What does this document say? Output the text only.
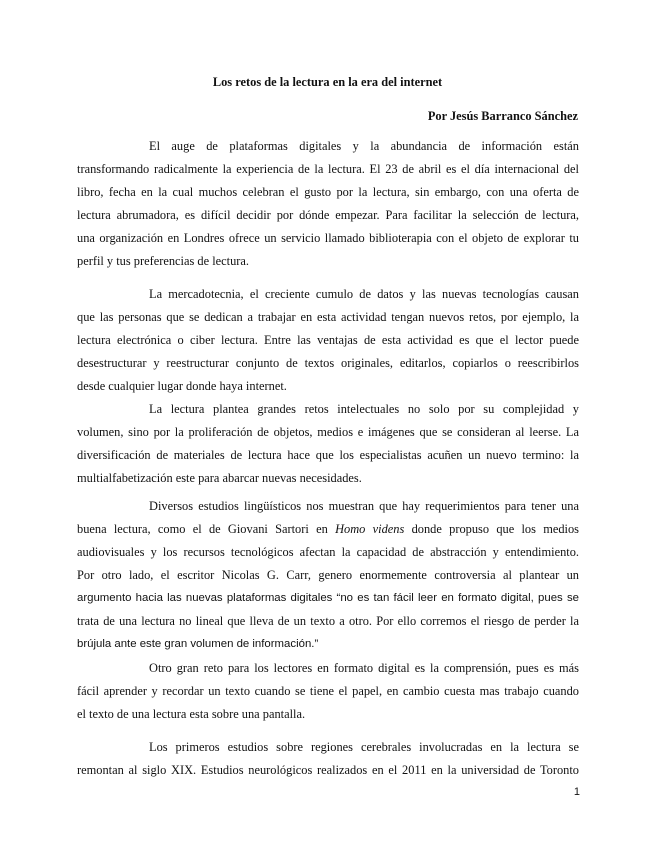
Los retos de la lectura en la era del internet
Por Jesús Barranco Sánchez
El auge de plataformas digitales y la abundancia de información están
transformando radicalmente la experiencia de la lectura. El 23 de abril es el día internacional del
libro, fecha en la cual muchos celebran el gusto por la lectura, sin embargo, con una oferta de
lectura abrumadora, es difícil decidir por dónde empezar. Para facilitar la selección de lectura,
una organización en Londres ofrece un servicio llamado biblioterapia con el objeto de explorar tu
perfil y tus preferencias de lectura.
La mercadotecnia, el creciente cumulo de datos y las nuevas tecnologías causan
que las personas que se dedican a trabajar en esta actividad tengan nuevos retos, por ejemplo, la
lectura electrónica o ciber lectura. Entre las ventajas de esta actividad es que el lector puede
desestructurar y reestructurar conjunto de textos originales, editarlos, copiarlos o reescribirlos
desde cualquier lugar donde haya internet.
La lectura plantea grandes retos intelectuales no solo por su complejidad y
volumen, sino por la proliferación de objetos, medios e imágenes que se consideran al leerse. La
diversificación de materiales de lectura hace que los especialistas acuñen un nuevo termino: la
multialfabetización este para abarcar nuevas necesidades.
Diversos estudios lingüísticos nos muestran que hay requerimientos para tener una
buena lectura, como el de Giovani Sartori en Homo videns donde propuso que los medios
audiovisuales y los recursos tecnológicos afectan la capacidad de abstracción y entendimiento.
Por otro lado, el escritor Nicolas G. Carr, genero enormemente controversia al plantear un
argumento hacia las nuevas plataformas digitales “no es tan fácil leer en formato digital, pues se
trata de una lectura no lineal que lleva de un texto a otro. Por ello corremos el riesgo de perder la
brújula ante este gran volumen de información.”
Otro gran reto para los lectores en formato digital es la comprensión, pues es más
fácil aprender y recordar un texto cuando se tiene el papel, en cambio cuesta mas trabajo cuando
el texto de una lectura esta sobre una pantalla.
Los primeros estudios sobre regiones cerebrales involucradas en la lectura se
remontan al siglo XIX. Estudios neurológicos realizados en el 2011 en la universidad de Toronto
1
